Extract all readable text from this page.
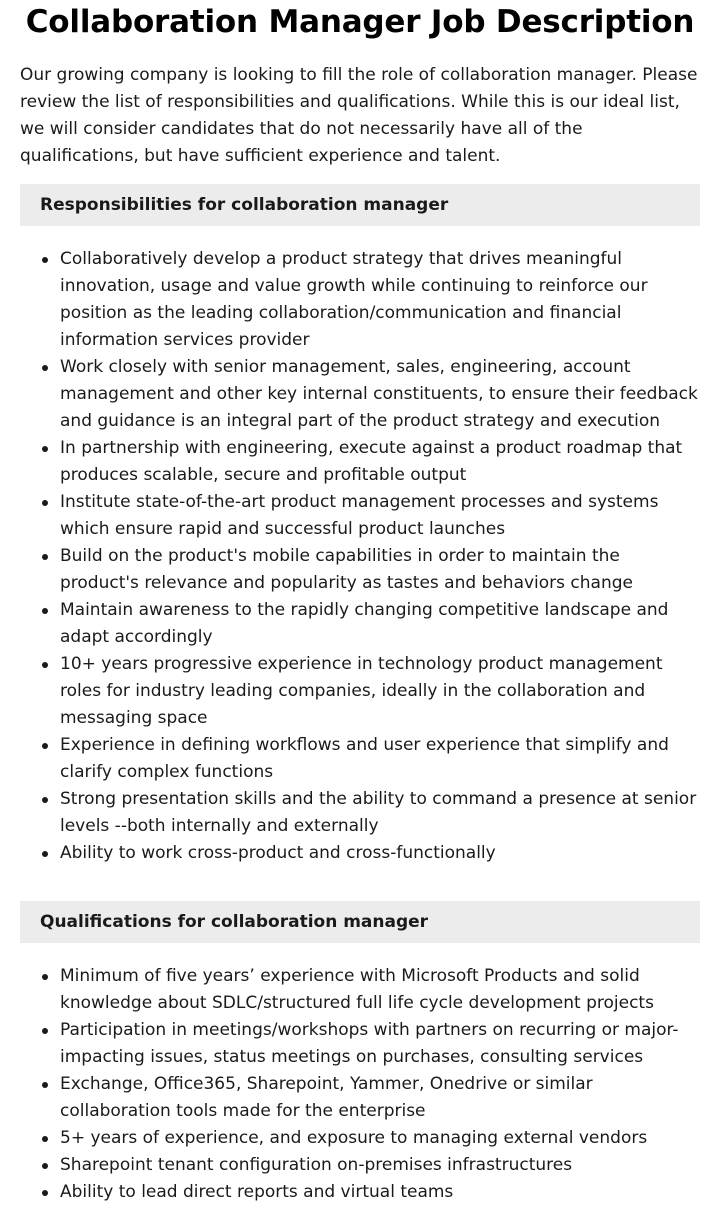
Collaboration Manager Job Description

Our growing company is looking to fill the role of collaboration manager. Please review the list of responsibilities and qualifications. While this is our ideal list, we will consider candidates that do not necessarily have all of the qualifications, but have sufficient experience and talent.

Responsibilities for collaboration manager
Collaboratively develop a product strategy that drives meaningful innovation, usage and value growth while continuing to reinforce our position as the leading collaboration/communication and financial information services provider
Work closely with senior management, sales, engineering, account management and other key internal constituents, to ensure their feedback and guidance is an integral part of the product strategy and execution
In partnership with engineering, execute against a product roadmap that produces scalable, secure and profitable output
Institute state-of-the-art product management processes and systems which ensure rapid and successful product launches
Build on the product's mobile capabilities in order to maintain the product's relevance and popularity as tastes and behaviors change
Maintain awareness to the rapidly changing competitive landscape and adapt accordingly
10+ years progressive experience in technology product management roles for industry leading companies, ideally in the collaboration and messaging space
Experience in defining workflows and user experience that simplify and clarify complex functions
Strong presentation skills and the ability to command a presence at senior levels --both internally and externally
Ability to work cross-product and cross-functionally
Qualifications for collaboration manager
Minimum of five years’ experience with Microsoft Products and solid knowledge about SDLC/structured full life cycle development projects
Participation in meetings/workshops with partners on recurring or major-impacting issues, status meetings on purchases, consulting services
Exchange, Office365, Sharepoint, Yammer, Onedrive or similar collaboration tools made for the enterprise
5+ years of experience, and exposure to managing external vendors
Sharepoint tenant configuration on-premises infrastructures
Ability to lead direct reports and virtual teams
